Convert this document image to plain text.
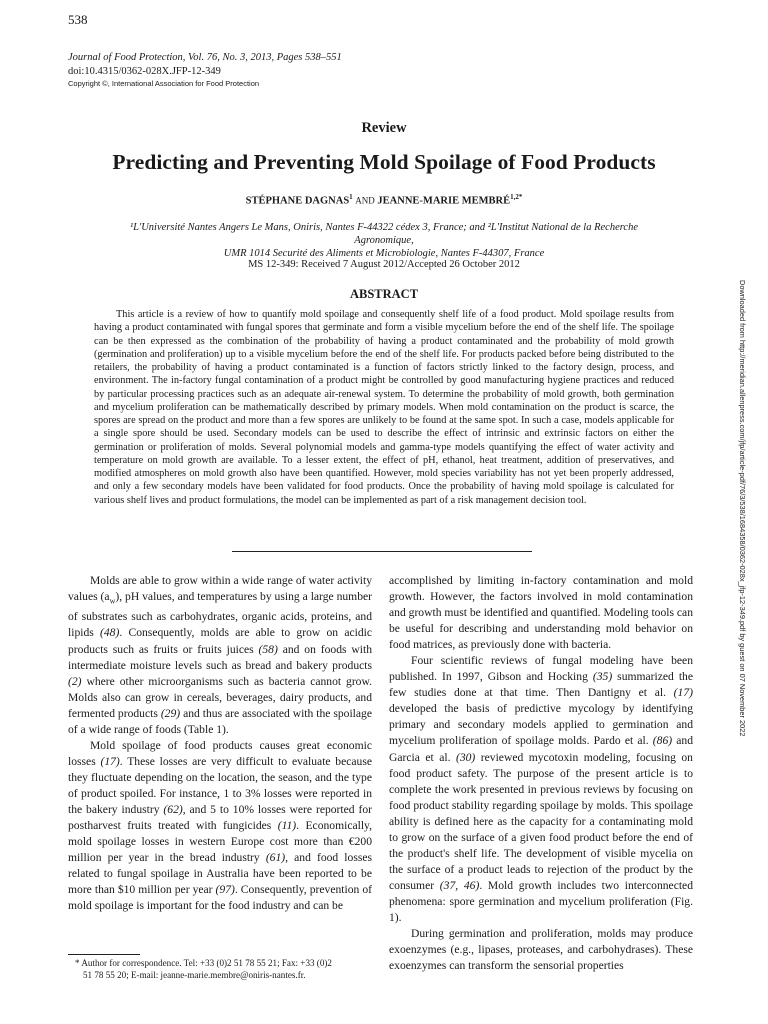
538
Journal of Food Protection, Vol. 76, No. 3, 2013, Pages 538–551
doi:10.4315/0362-028X.JFP-12-349
Copyright ©, International Association for Food Protection
Review
Predicting and Preventing Mold Spoilage of Food Products
STÉPHANE DAGNAS$^1$ AND JEANNE-MARIE $MEMBRÉ^{1,2*}$
¹L'Université Nantes Angers Le Mans, Oniris, Nantes F-44322 cédex 3, France; and ²L'Institut National de la Recherche Agronomique,
UMR 1014 Securité des Aliments et Microbiologie, Nantes F-44307, France
MS 12-349: Received 7 August 2012/Accepted 26 October 2012
ABSTRACT

This article is a review of how to quantify mold spoilage and consequently shelf life of a food product. Mold spoilage results from having a product contaminated with fungal spores that germinate and form a visible mycelium before the end of the shelf life. The spoilage can be then expressed as the combination of the probability of having a product contaminated and the probability of mold growth (germination and proliferation) up to a visible mycelium before the end of the shelf life. For products packed before being distributed to the retailers, the probability of having a product contaminated is a function of factors strictly linked to the factory design, process, and environment. The in-factory fungal contamination of a product might be controlled by good manufacturing hygiene practices and reduced by particular processing practices such as an adequate air-renewal system. To determine the probability of mold growth, both germination and mycelium proliferation can be mathematically described by primary models. When mold contamination on the product is scarce, the spores are spread on the product and more than a few spores are unlikely to be found at the same spot. In such a case, models applicable for a single spore should be used. Secondary models can be used to describe the effect of intrinsic and extrinsic factors on either the germination or proliferation of molds. Several polynomial models and gamma-type models quantifying the effect of water activity and temperature on mold growth are available. To a lesser extent, the effect of pH, ethanol, heat treatment, addition of preservatives, and modified atmospheres on mold growth also have been quantified. However, mold species variability has not yet been properly addressed, and only a few secondary models have been validated for food products. Once the probability of having mold spoilage is calculated for various shelf lives and product formulations, the model can be implemented as part of a risk management decision tool.

Molds are able to grow within a wide range of water activity values $(a_w)$, pH values, and temperatures by using a large number of substrates such as carbohydrates, organic acids, proteins, and lipids (48). Consequently, molds are able to grow on acidic products such as fruits or fruits juices (58) and on foods with intermediate moisture levels such as bread and bakery products (2) where other microorganisms such as bacteria cannot grow. Molds also can grow in cereals, beverages, dairy products, and fermented products (29) and thus are associated with the spoilage of a wide range of foods (Table 1).

Mold spoilage of food products causes great economic losses (17). These losses are very difficult to evaluate because they fluctuate depending on the location, the season, and the type of product spoiled. For instance, 1 to 3% losses were reported in the bakery industry (62), and 5 to 10% losses were reported for postharvest fruits treated with fungicides (11). Economically, mold spoilage losses in western Europe cost more than €200 million per year in the bread industry (61), and food losses related to fungal spoilage in Australia have been reported to be more than $10 million per year (97). Consequently, prevention of mold spoilage is important for the food industry and can be

accomplished by limiting in-factory contamination and mold growth. However, the factors involved in mold contamination and growth must be identified and quantified. Modeling tools can be useful for describing and understanding mold behavior on food matrices, as previously done with bacteria.

Four scientific reviews of fungal modeling have been published. In 1997, Gibson and Hocking (35) summarized the few studies done at that time. Then Dantigny et al. (17) developed the basis of predictive mycology by identifying primary and secondary models applied to germination and mycelium proliferation of spoilage molds. Pardo et al. (86) and Garcia et al. (30) reviewed mycotoxin modeling, focusing on food product safety. The purpose of the present article is to complete the work presented in previous reviews by focusing on food product stability regarding spoilage by molds. This spoilage ability is defined here as the capacity for a contaminating mold to grow on the surface of a given food product before the end of the product's shelf life. The development of visible mycelia on the surface of a product leads to rejection of the product by the consumer (37, 46). Mold growth includes two interconnected phenomena: spore germination and mycelium proliferation (Fig. 1).

During germination and proliferation, molds may produce exoenzymes (e.g., lipases, proteases, and carbohydrases). These exoenzymes can transform the sensorial properties

* Author for correspondence. Tel: +33 (0)2 51 78 55 21; Fax: +33 (0)2
51 78 55 20; E-mail: jeanne-marie.membre@oniris-nantes.fr.
Downloaded from http://meridian.allenpress.com/jfp/article-pdf/76/3/538/1684358/0362-028x_jfp-12-349.pdf by guest on 07 November 2022
